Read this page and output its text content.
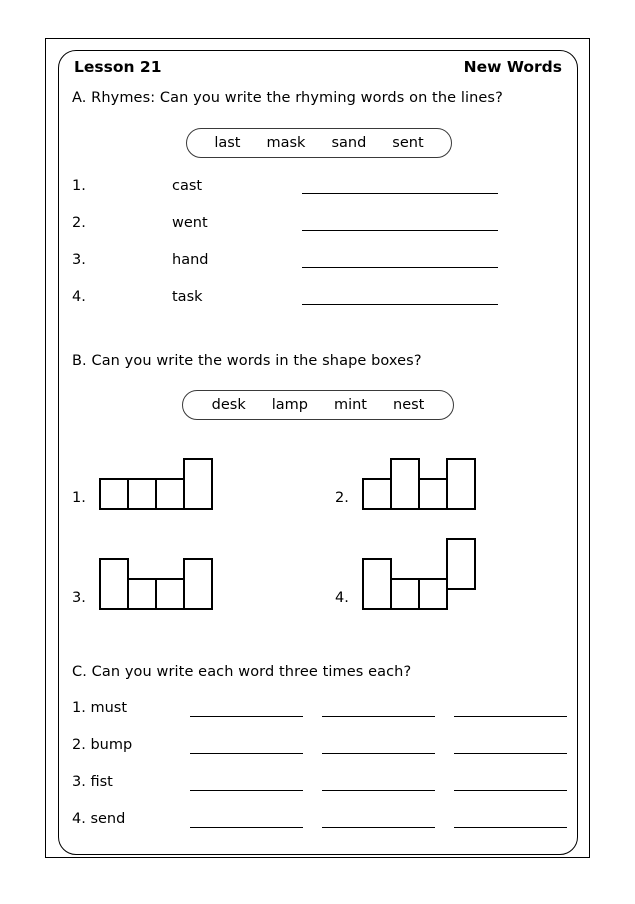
Lesson 21	New Words
A. Rhymes: Can you write the rhyming words on the lines?
last	mask	sand	sent
1.	cast
2.	went
3.	hand
4.	task
B. Can you write the words in the shape boxes?
desk	lamp	mint	nest
1.	2.
3.	4.
C. Can you write each word three times each?
1. must
2. bump
3. fist
4. send
